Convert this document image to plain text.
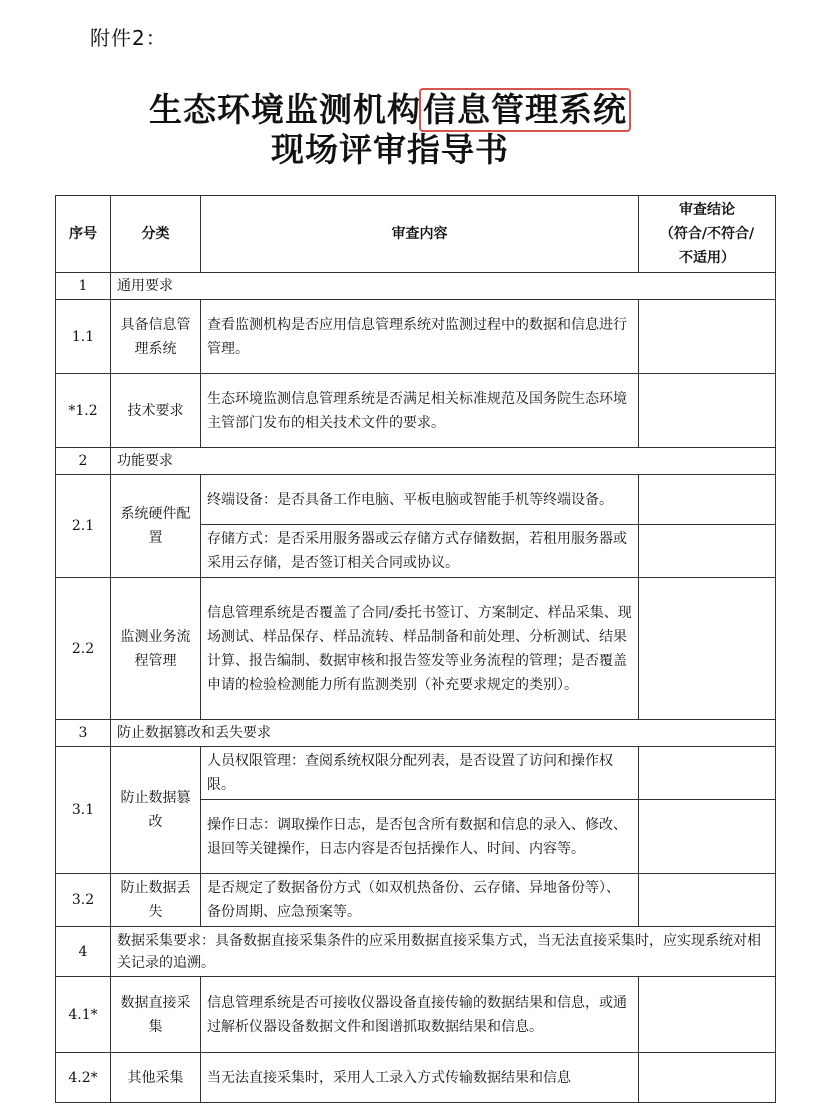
附件2：
生态环境监测机构信息管理系统
现场评审指导书
序号	分类	审查内容	审查结论
（符合/不符合/
不适用）

1	通用要求		
1.1	具备信息管理系统	查看监测机构是否应用信息管理系统对监测过程中的数据和信息进行管理。	
*1.2	技术要求	生态环境监测信息管理系统是否满足相关标准规范及国务院生态环境主管部门发布的相关技术文件的要求。	
2	功能要求		
2.1	系统硬件配置	终端设备：是否具备工作电脑、平板电脑或智能手机等终端设备。	
		存储方式：是否采用服务器或云存储方式存储数据，若租用服务器或采用云存储，是否签订相关合同或协议。	
2.2	监测业务流程管理	信息管理系统是否覆盖了合同/委托书签订、方案制定、样品采集、现场测试、样品保存、样品流转、样品制备和前处理、分析测试、结果计算、报告编制、数据审核和报告签发等业务流程的管理；是否覆盖申请的检验检测能力所有监测类别（补充要求规定的类别）。	
3	防止数据篡改和丢失要求		
3.1	防止数据篡改	人员权限管理：查阅系统权限分配列表，是否设置了访问和操作权限。	
		操作日志：调取操作日志，是否包含所有数据和信息的录入、修改、退回等关键操作，日志内容是否包括操作人、时间、内容等。	
3.2	防止数据丢失	是否规定了数据备份方式（如双机热备份、云存储、异地备份等）、备份周期、应急预案等。	
4	数据采集要求：具备数据直接采集条件的应采用数据直接采集方式，当无法直接采集时，应实现系统对相关记录的追溯。		
4.1*	数据直接采集	信息管理系统是否可接收仪器设备直接传输的数据结果和信息，或通过解析仪器设备数据文件和图谱抓取数据结果和信息。	
4.2*	其他采集	当无法直接采集时，采用人工录入方式传输数据结果和信息	
